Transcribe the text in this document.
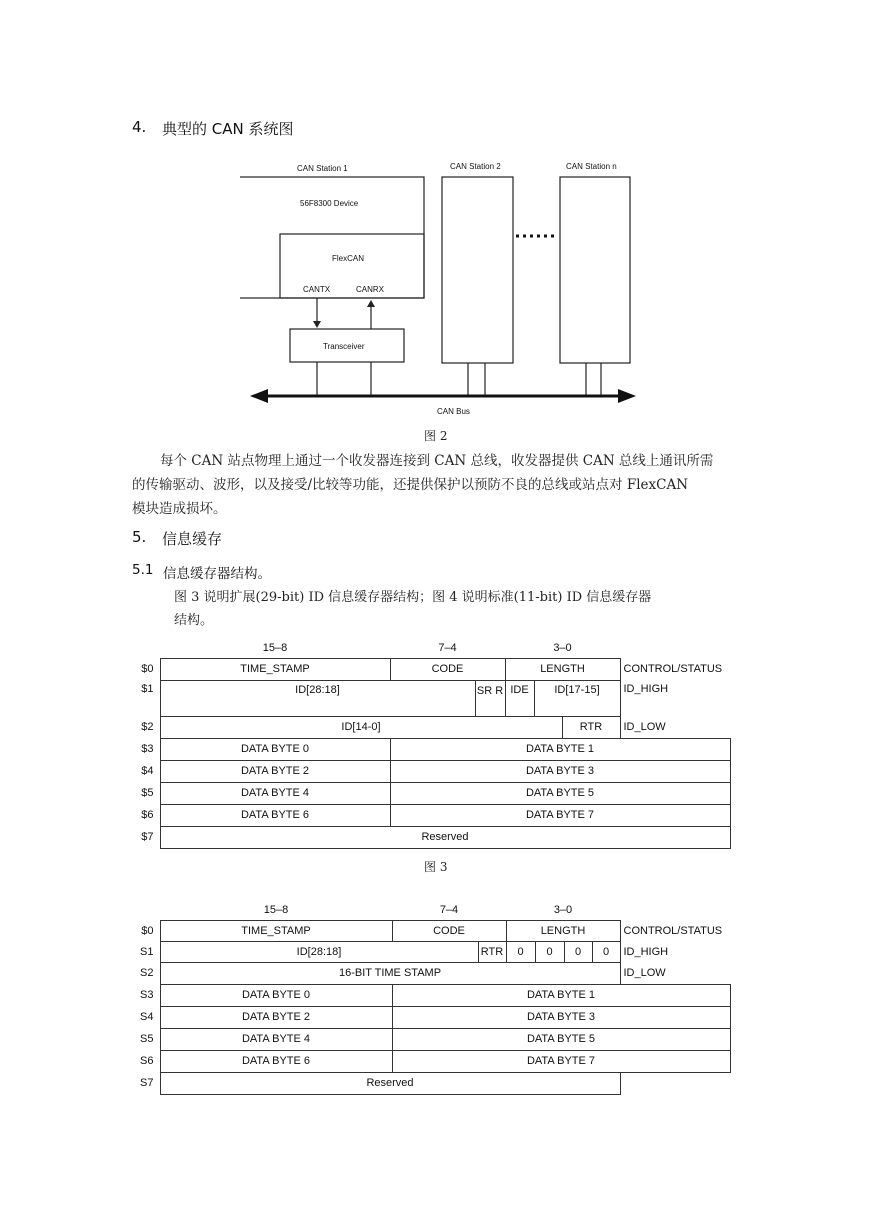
4. 典型的 CAN 系统图
CAN Station 1	CAN Station 2	CAN Station n
56F8300 Device
FlexCAN
CANTX	CANRX
Transceiver
CAN Bus
图 2
每个 CAN 站点物理上通过一个收发器连接到 CAN 总线，收发器提供 CAN 总线上通讯所需
的传输驱动、波形，以及接受/比较等功能，还提供保护以预防不良的总线或站点对 FlexCAN
模块造成损坏。
5. 信息缓存
5.1 信息缓存器结构。
图 3 说明扩展(29-bit) ID 信息缓存器结构；图 4 说明标准(11-bit) ID 信息缓存器
结构。
	15–8	7–4		3–0				
$0	TIME_STAMP	CODE		LENGTH			CONTROL/STATUS	
$1	ID[28:18]		SR R	IDE	ID[17-15]		ID_HIGH	
$2	ID[14-0]					RTR	ID_LOW	
$3	DATA BYTE 0	DATA BYTE 1						
$4	DATA BYTE 2	DATA BYTE 3						
$5	DATA BYTE 4	DATA BYTE 5						
$6	DATA BYTE 6	DATA BYTE 7						
$7	Reserved							
图 3
	15–8	7–4		3–0					
$0	TIME_STAMP	CODE		LENGTH				CONTROL/STATUS	
S1	ID[28:18]		RTR	0	0	0	0	ID_HIGH	
S2	16-BIT TIME STAMP							ID_LOW	
S3	DATA BYTE 0	DATA BYTE 1							
S4	DATA BYTE 2	DATA BYTE 3							
S5	DATA BYTE 4	DATA BYTE 5							
S6	DATA BYTE 6	DATA BYTE 7							
S7	Reserved								
